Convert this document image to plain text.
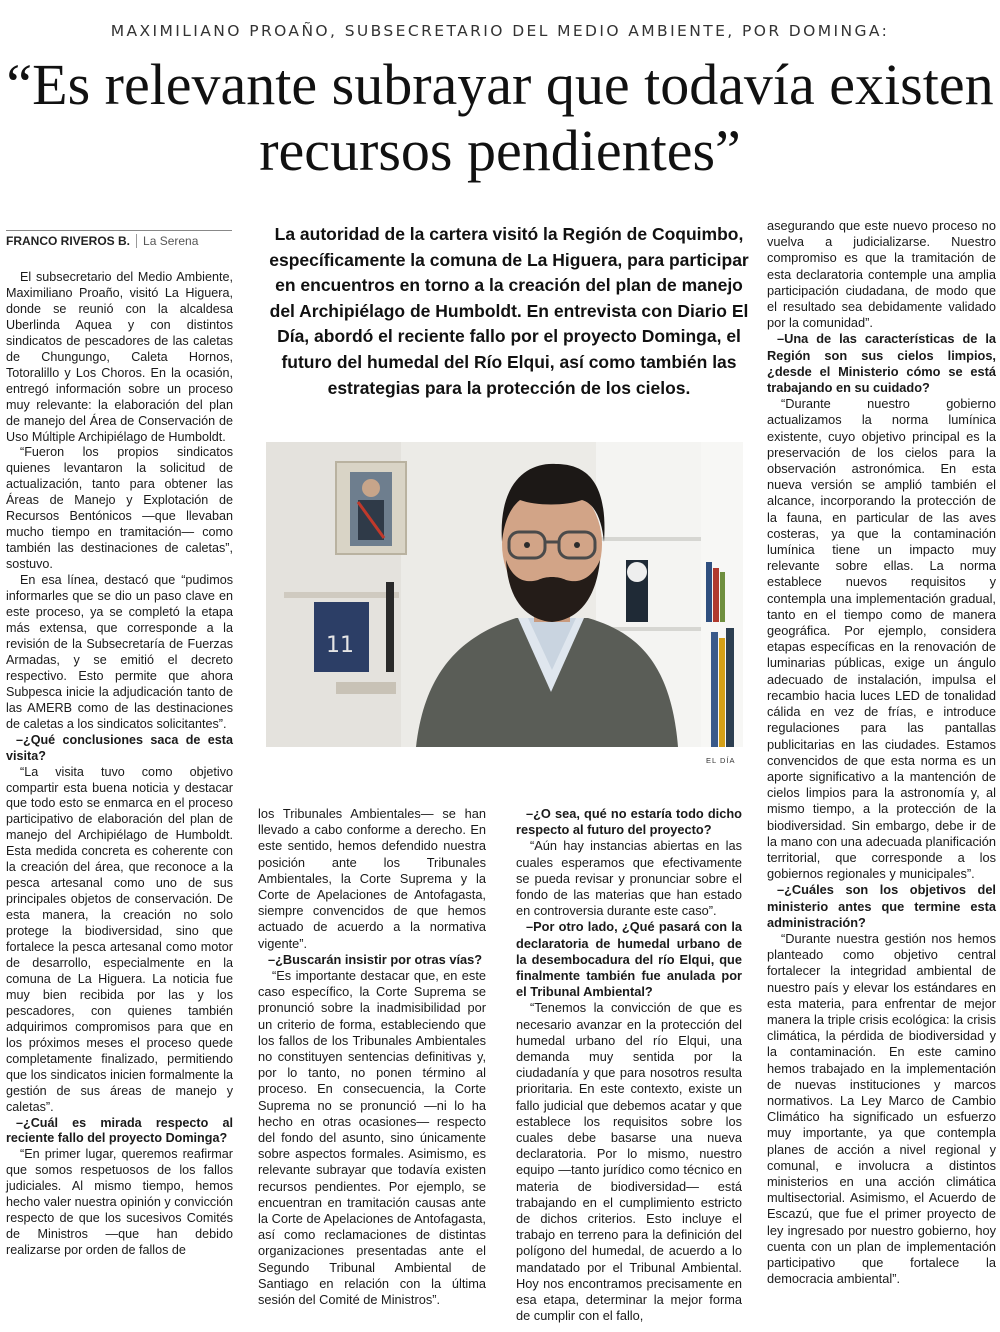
MAXIMILIANO PROAÑO, SUBSECRETARIO DEL MEDIO AMBIENTE, POR DOMINGA:
“Es relevante subrayar que todavía existen recursos pendientes”
FRANCO RIVEROS B. La Serena	La autoridad de la cartera visitó la Región de Coquimbo, específicamente la comuna de La Higuera, para participar en encuentros en torno a la creación del plan de manejo del Archipiélago de Humboldt. En entrevista con Diario El Día, abordó el reciente fallo por el proyecto Dominga, el futuro del humedal del Río Elqui, así como también las estrategias para la protección de los cielos.
11
EL DÍA

El subsecretario del Medio Ambiente, Maximiliano Proaño, visitó La Higuera, donde se reunió con la alcaldesa Uberlinda Aquea y con distintos sindicatos de pescadores de las caletas de Chungungo, Caleta Hornos, Totoralillo y Los Choros. En la ocasión, entregó información sobre un proceso muy relevante: la elaboración del plan de manejo del Área de Conservación de Uso Múltiple Archipiélago de Humboldt.

“Fueron los propios sindicatos quienes levantaron la solicitud de actualización, tanto para obtener las Áreas de Manejo y Explotación de Recursos Bentónicos —que llevaban mucho tiempo en tramitación— como también las destinaciones de caletas”, sostuvo.

En esa línea, destacó que “pudimos informarles que se dio un paso clave en este proceso, ya se completó la etapa más extensa, que corresponde a la revisión de la Subsecretaría de Fuerzas Armadas, y se emitió el decreto respectivo. Esto permite que ahora Subpesca inicie la adjudicación tanto de las AMERB como de las destinaciones de caletas a los sindicatos solicitantes”.

–¿Qué conclusiones saca de esta visita?

“La visita tuvo como objetivo compartir esta buena noticia y destacar que todo esto se enmarca en el proceso participativo de elaboración del plan de manejo del Archipiélago de Humboldt. Esta medida concreta es coherente con la creación del área, que reconoce a la pesca artesanal como uno de sus principales objetos de conservación. De esta manera, la creación no solo protege la biodiversidad, sino que fortalece la pesca artesanal como motor de desarrollo, especialmente en la comuna de La Higuera. La noticia fue muy bien recibida por las y los pescadores, con quienes también adquirimos compromisos para que en los próximos meses el proceso quede completamente finalizado, permitiendo que los sindicatos inicien formalmente la gestión de sus áreas de manejo y caletas”.

–¿Cuál es mirada respecto al reciente fallo del proyecto Dominga?

“En primer lugar, queremos reafirmar que somos respetuosos de los fallos judiciales. Al mismo tiempo, hemos hecho valer nuestra opinión y convicción respecto de que los sucesivos Comités de Ministros —que han debido realizarse por orden de fallos de

los Tribunales Ambientales— se han llevado a cabo conforme a derecho. En este sentido, hemos defendido nuestra posición ante los Tribunales Ambientales, la Corte Suprema y la Corte de Apelaciones de Antofagasta, siempre convencidos de que hemos actuado de acuerdo a la normativa vigente”.

–¿Buscarán insistir por otras vías?

“Es importante destacar que, en este caso específico, la Corte Suprema se pronunció sobre la inadmisibilidad por un criterio de forma, estableciendo que los fallos de los Tribunales Ambientales no constituyen sentencias definitivas y, por lo tanto, no ponen término al proceso. En consecuencia, la Corte Suprema no se pronunció —ni lo ha hecho en otras ocasiones— respecto del fondo del asunto, sino únicamente sobre aspectos formales. Asimismo, es relevante subrayar que todavía existen recursos pendientes. Por ejemplo, se encuentran en tramitación causas ante la Corte de Apelaciones de Antofagasta, así como reclamaciones de distintas organizaciones presentadas ante el Segundo Tribunal Ambiental de Santiago en relación con la última sesión del Comité de Ministros”.

–¿O sea, qué no estaría todo dicho respecto al futuro del proyecto?

“Aún hay instancias abiertas en las cuales esperamos que efectivamente se pueda revisar y pronunciar sobre el fondo de las materias que han estado en controversia durante este caso”.

–Por otro lado, ¿Qué pasará con la declaratoria de humedal urbano de la desembocadura del río Elqui, que finalmente también fue anulada por el Tribunal Ambiental?

“Tenemos la convicción de que es necesario avanzar en la protección del humedal urbano del río Elqui, una demanda muy sentida por la ciudadanía y que para nosotros resulta prioritaria. En este contexto, existe un fallo judicial que debemos acatar y que establece los requisitos sobre los cuales debe basarse una nueva declaratoria. Por lo mismo, nuestro equipo —tanto jurídico como técnico en materia de biodiversidad— está trabajando en el cumplimiento estricto de dichos criterios. Esto incluye el trabajo en terreno para la definición del polígono del humedal, de acuerdo a lo mandatado por el Tribunal Ambiental. Hoy nos encontramos precisamente en esa etapa, determinar la mejor forma de cumplir con el fallo,

asegurando que este nuevo proceso no vuelva a judicializarse. Nuestro compromiso es que la tramitación de esta declaratoria contemple una amplia participación ciudadana, de modo que el resultado sea debidamente validado por la comunidad”.

–Una de las características de la Región son sus cielos limpios, ¿desde el Ministerio cómo se está trabajando en su cuidado?

“Durante nuestro gobierno actualizamos la norma lumínica existente, cuyo objetivo principal es la preservación de los cielos para la observación astronómica. En esta nueva versión se amplió también el alcance, incorporando la protección de la fauna, en particular de las aves costeras, ya que la contaminación lumínica tiene un impacto muy relevante sobre ellas. La norma establece nuevos requisitos y contempla una implementación gradual, tanto en el tiempo como de manera geográfica. Por ejemplo, considera etapas específicas en la renovación de luminarias públicas, exige un ángulo adecuado de instalación, impulsa el recambio hacia luces LED de tonalidad cálida en vez de frías, e introduce regulaciones para las pantallas publicitarias en las ciudades. Estamos convencidos de que esta norma es un aporte significativo a la mantención de cielos limpios para la astronomía y, al mismo tiempo, a la protección de la biodiversidad. Sin embargo, debe ir de la mano con una adecuada planificación territorial, que corresponde a los gobiernos regionales y municipales”.

–¿Cuáles son los objetivos del ministerio antes que termine esta administración?

“Durante nuestra gestión nos hemos planteado como objetivo central fortalecer la integridad ambiental de nuestro país y elevar los estándares en esta materia, para enfrentar de mejor manera la triple crisis ecológica: la crisis climática, la pérdida de biodiversidad y la contaminación. En este camino hemos trabajado en la implementación de nuevas instituciones y marcos normativos. La Ley Marco de Cambio Climático ha significado un esfuerzo muy importante, ya que contempla planes de acción a nivel regional y comunal, e involucra a distintos ministerios en una acción climática multisectorial. Asimismo, el Acuerdo de Escazú, que fue el primer proyecto de ley ingresado por nuestro gobierno, hoy cuenta con un plan de implementación participativo que fortalece la democracia ambiental”.
